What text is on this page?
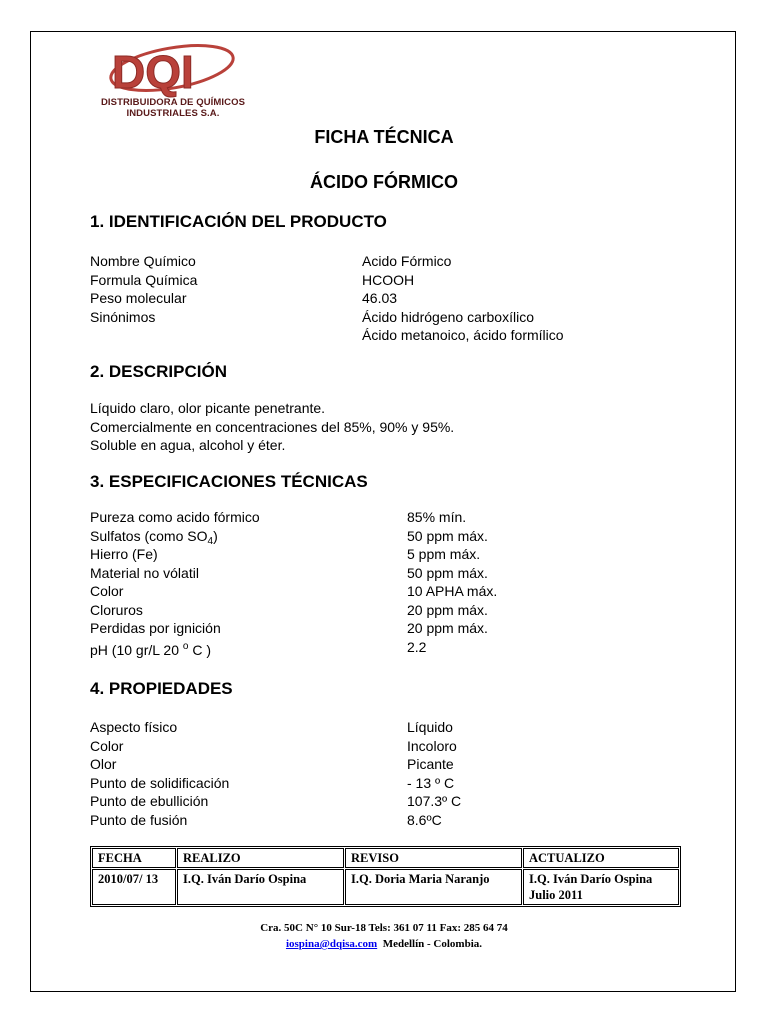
DQI
DISTRIBUIDORA DE QUÍMICOS
INDUSTRIALES S.A.
FICHA TÉCNICA
ÁCIDO FÓRMICO
1. IDENTIFICACIÓN DEL PRODUCTO
Nombre Químico	Acido Fórmico
Formula Química	HCOOH
Peso molecular	46.03
Sinónimos	Ácido hidrógeno carboxílico
Ácido metanoico, ácido formílico
2. DESCRIPCIÓN
Líquido claro, olor picante penetrante.
Comercialmente en concentraciones del 85%, 90% y 95%.
Soluble en agua, alcohol y éter.
3. ESPECIFICACIONES TÉCNICAS
Pureza como acido fórmico	85% mín.
Sulfatos (como $SO_4$)	50 ppm máx.
Hierro (Fe)	5 ppm máx.
Material no vólatil	50 ppm máx.
Color	10 APHA máx.
Cloruros	20 ppm máx.
Perdidas por ignición	20 ppm máx.
pH (10 gr/L 20 $^o$ C )	2.2
4. PROPIEDADES
Aspecto físico	Líquido
Color	Incoloro
Olor	Picante
Punto de solidificación	- 13 º C
Punto de ebullición	107.3º C
Punto de fusión	8.6ºC
FECHA	REALIZO	REVISO	ACTUALIZO
2010/07/ 13	I.Q. Iván Darío Ospina	I.Q. Doria Maria Naranjo	I.Q. Iván Darío Ospina
Julio 2011
Cra. 50C N° 10 Sur-18 Tels: 361 07 11 Fax: 285 64 74
iospina@dqisa.com  Medellín - Colombia.
